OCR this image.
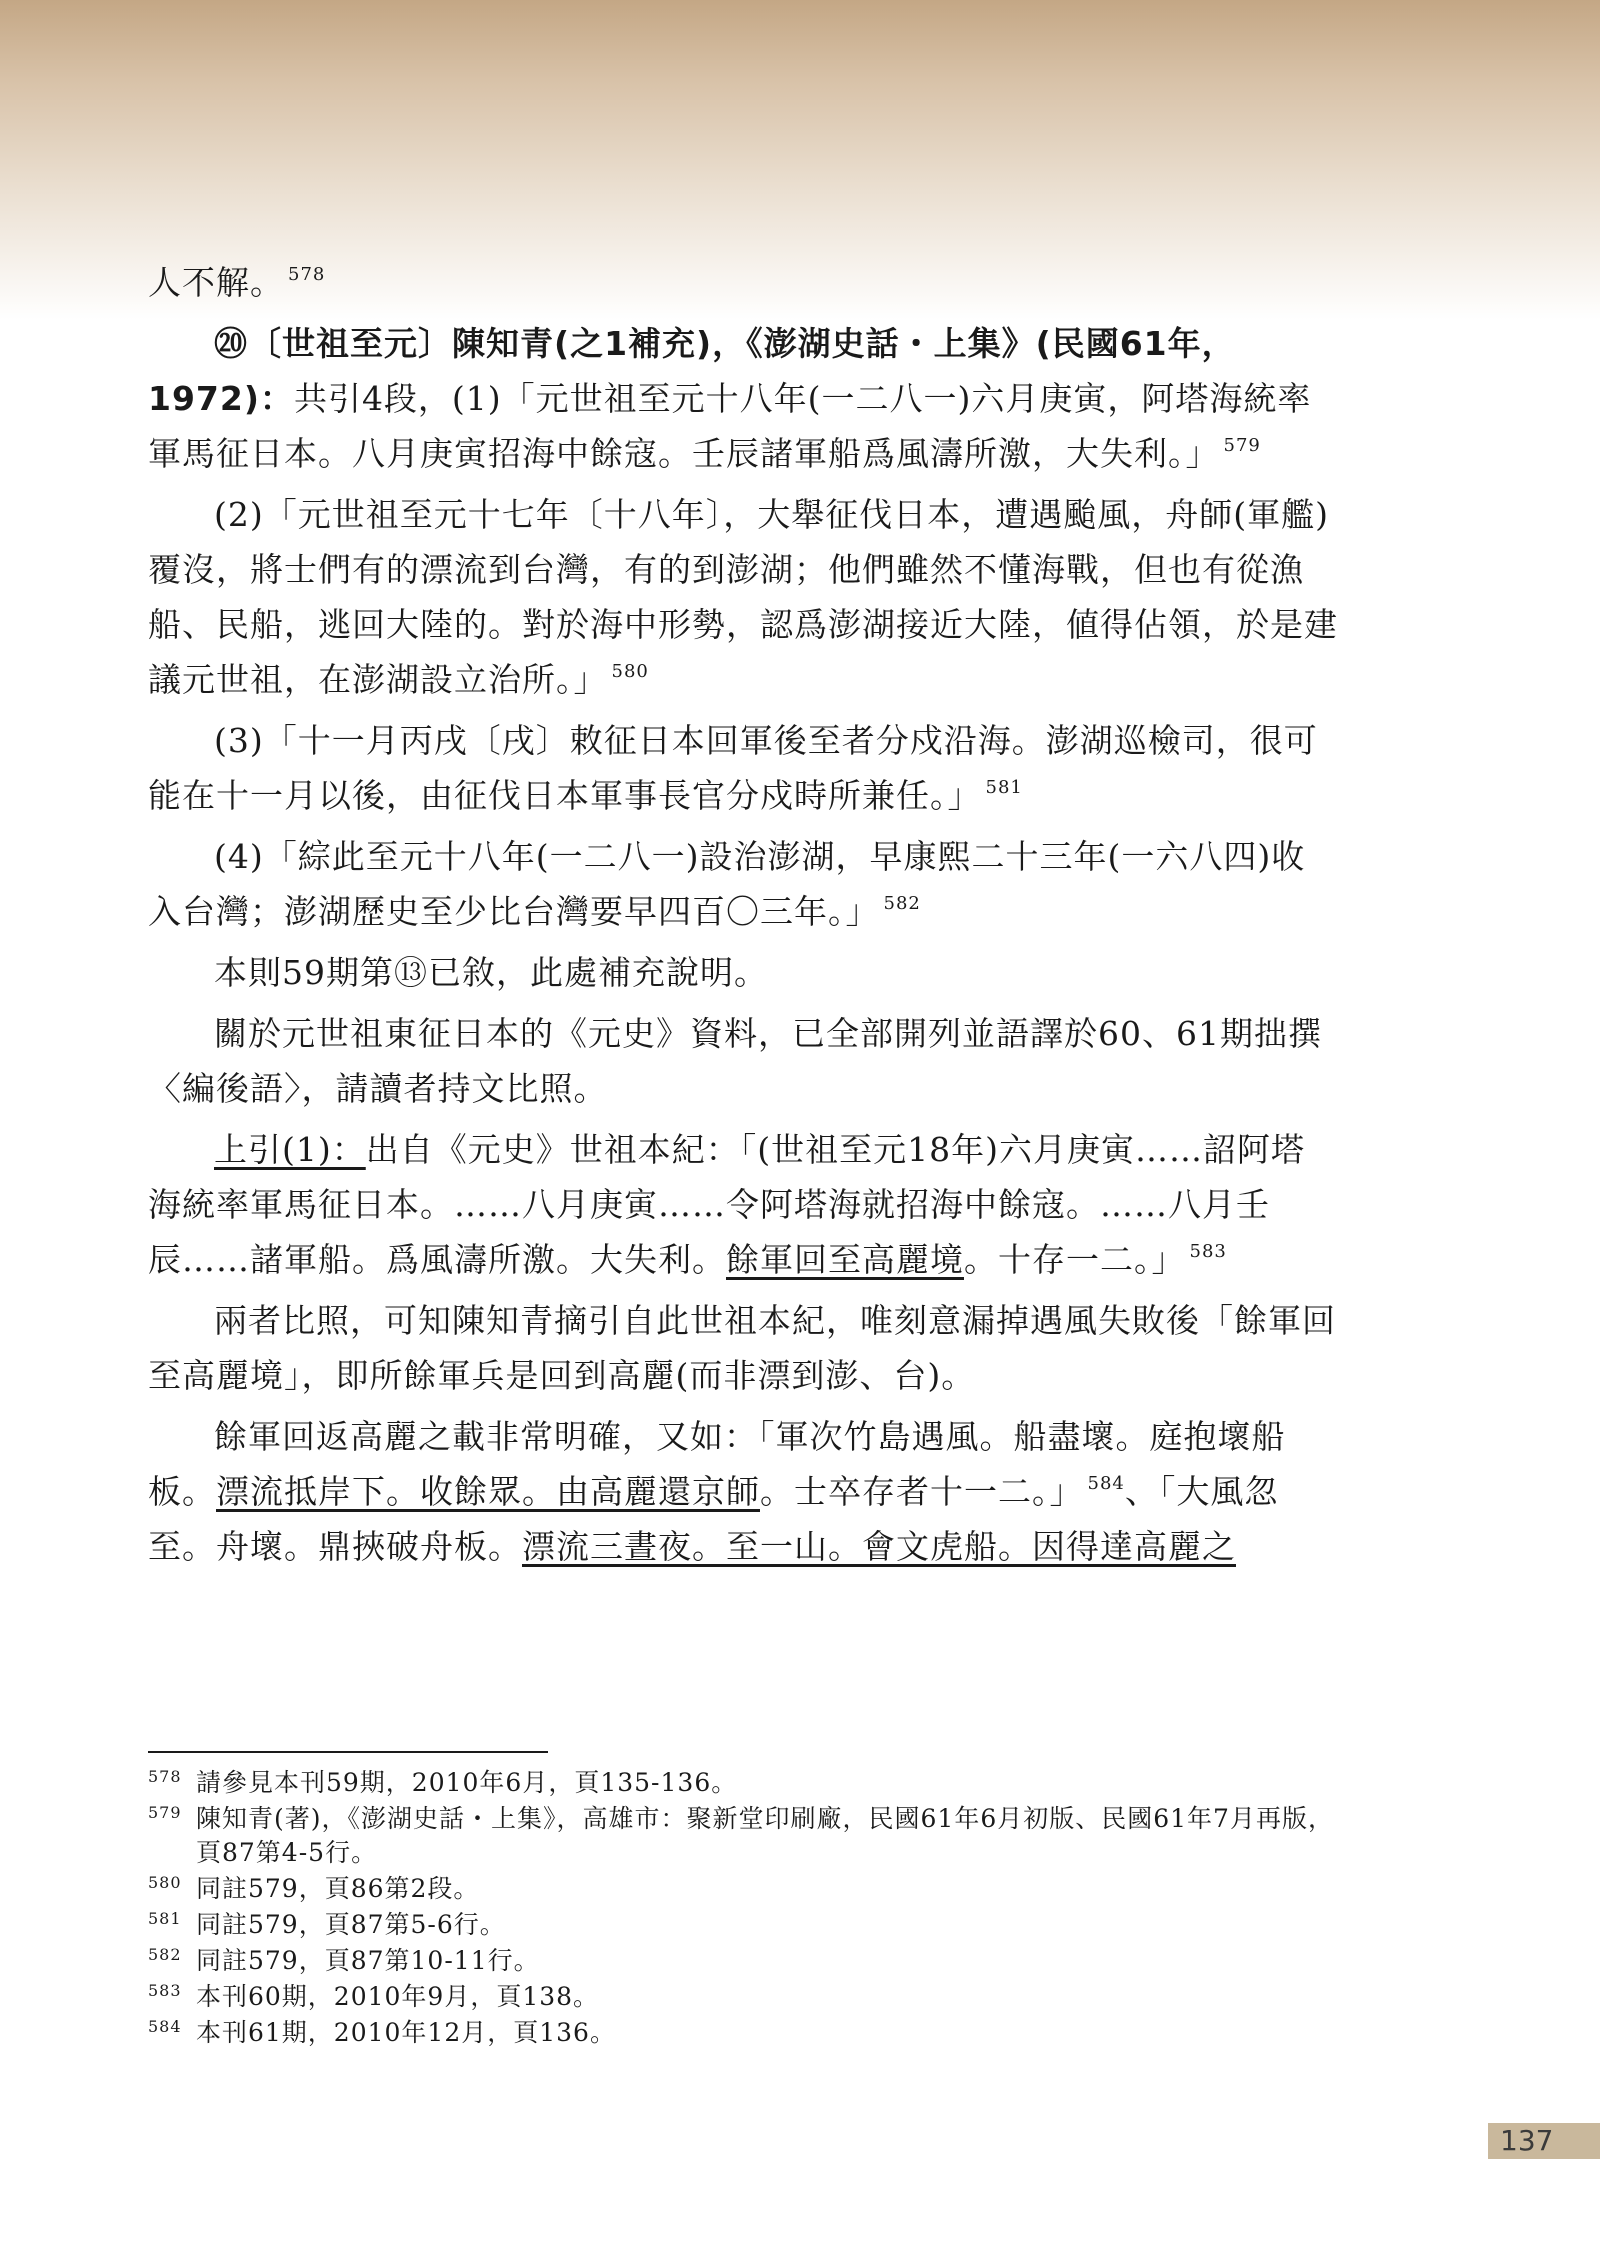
人不解。 $^{578}$

⑳〔世祖至元〕陳知青(之1補充)，《澎湖史話・上集》(民國61年，1972)：共引4段，(1)「元世祖至元十八年(一二八一)六月庚寅，阿塔海統率軍馬征日本。八月庚寅招海中餘寇。壬辰諸軍船爲風濤所激，大失利。」 $^{579}$

(2)「元世祖至元十七年〔十八年〕，大舉征伐日本，遭遇颱風，舟師(軍艦)覆沒，將士們有的漂流到台灣，有的到澎湖；他們雖然不懂海戰，但也有從漁船、民船，逃回大陸的。對於海中形勢，認爲澎湖接近大陸，値得佔領，於是建議元世祖，在澎湖設立治所。」 $^{580}$

(3)「十一月丙戌〔戌〕敕征日本回軍後至者分戍沿海。澎湖巡檢司，很可能在十一月以後，由征伐日本軍事長官分戍時所兼任。」 $^{581}$

(4)「綜此至元十八年(一二八一)設治澎湖，早康熙二十三年(一六八四)收入台灣；澎湖歷史至少比台灣要早四百〇三年。」 $^{582}$

本則59期第⑬已敘，此處補充說明。

關於元世祖東征日本的《元史》資料，已全部開列並語譯於60、61期拙撰〈編後語〉，請讀者持文比照。

上引(1)：出自《元史》世祖本紀：「(世祖至元18年)六月庚寅……詔阿塔海統率軍馬征日本。……八月庚寅……令阿塔海就招海中餘寇。……八月壬辰……諸軍船。爲風濤所激。大失利。餘軍回至高麗境。十存一二。」 $^{583}$

兩者比照，可知陳知青摘引自此世祖本紀，唯刻意漏掉遇風失敗後「餘軍回至高麗境」，即所餘軍兵是回到高麗(而非漂到澎、台)。

餘軍回返高麗之載非常明確，又如：「軍次竹島遇風。船盡壞。庭抱壞船板。漂流抵岸下。收餘眾。由高麗還京師。士卒存者十一二。」 $^{584}$、「大風忽至。舟壞。鼎挾破舟板。漂流三晝夜。至一山。會文虎船。因得達高麗之

578 請參見本刊59期，2010年6月，頁135-136。
579 陳知青(著)，《澎湖史話・上集》，高雄市：聚新堂印刷廠，民國61年6月初版、民國61年7月再版，頁87第4-5行。
580 同註579，頁86第2段。
581 同註579，頁87第5-6行。
582 同註579，頁87第10-11行。
583 本刊60期，2010年9月，頁138。
584 本刊61期，2010年12月，頁136。
137
